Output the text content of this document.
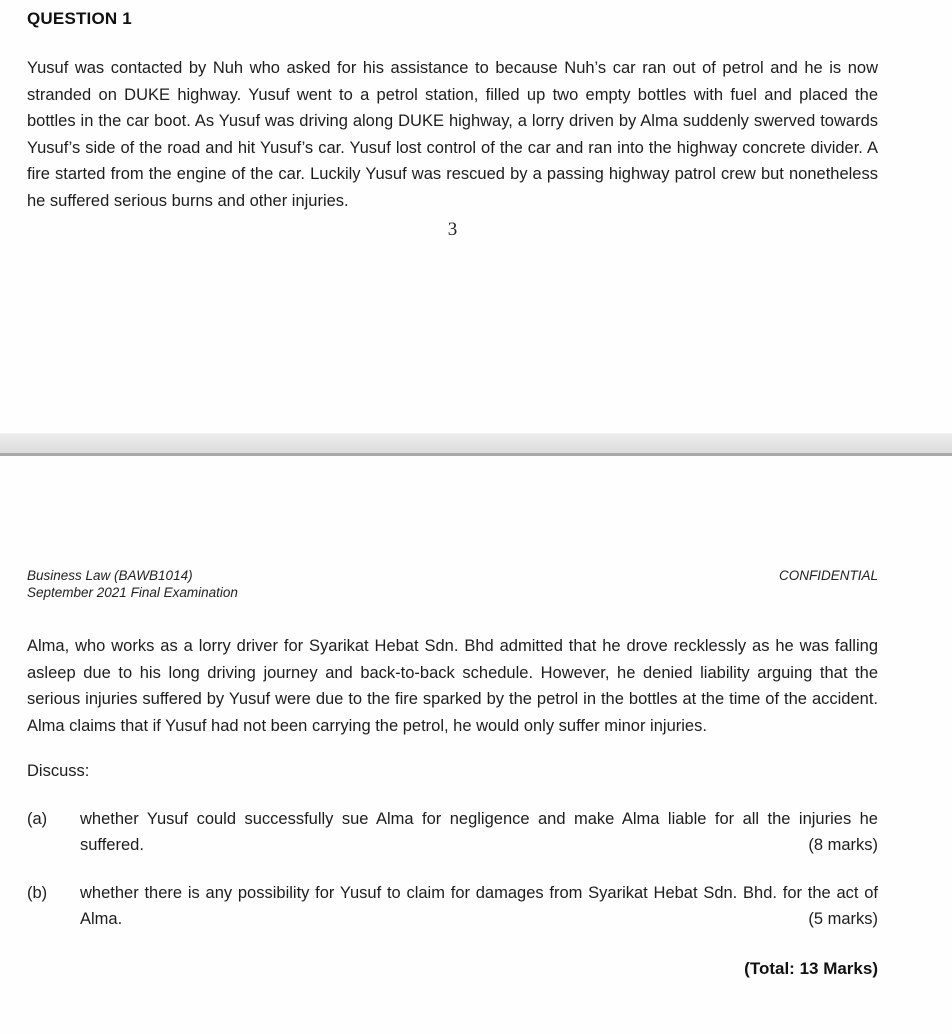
QUESTION 1

Yusuf was contacted by Nuh who asked for his assistance to because Nuh’s car ran out of petrol and he is now stranded on DUKE highway. Yusuf went to a petrol station, filled up two empty bottles with fuel and placed the bottles in the car boot. As Yusuf was driving along DUKE highway, a lorry driven by Alma suddenly swerved towards Yusuf’s side of the road and hit Yusuf’s car. Yusuf lost control of the car and ran into the highway concrete divider. A fire started from the engine of the car. Luckily Yusuf was rescued by a passing highway patrol crew but nonetheless he suffered serious burns and other injuries.

3
Business Law (BAWB1014)
September 2021 Final Examination
CONFIDENTIAL

Alma, who works as a lorry driver for Syarikat Hebat Sdn. Bhd admitted that he drove recklessly as he was falling asleep due to his long driving journey and back-to-back schedule. However, he denied liability arguing that the serious injuries suffered by Yusuf were due to the fire sparked by the petrol in the bottles at the time of the accident. Alma claims that if Yusuf had not been carrying the petrol, he would only suffer minor injuries.

Discuss:
(a)	whether Yusuf could successfully sue Alma for negligence and make Alma liable for all the injuries he suffered.	(8 marks)
(b)	whether there is any possibility for Yusuf to claim for damages from Syarikat Hebat Sdn. Bhd. for the act of Alma.	(5 marks)
(Total: 13 Marks)
